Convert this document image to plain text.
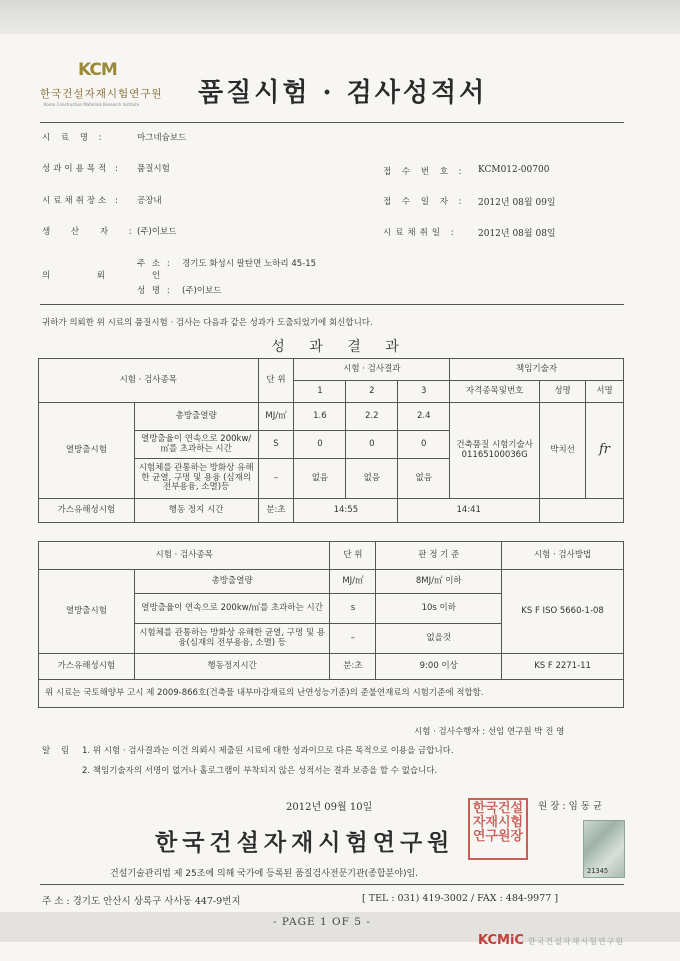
KCM
한국건설자재시험연구원
Korea Construction Materials Research Institute 품질시험 · 검사성적서
시 료 명 :	마그네슘보드
성과이용목적 : 품질시험
시료채취장소 : 공장내
생 산 자 :
(주)이보드
접 수 번 호 : KCM012-00700
접 수 일 자 : 2012년 08월 09일
시료채취일 : 2012년 08월 08일
의 뢰 인
주 소 : 경기도 화성시 팔탄면 노하리 45-15
성 명 : (주)이보드
귀하가 의뢰한 위 시료의 품질시험 · 검사는 다음과 같은 성과가 도출되었기에 회신합니다.
성 과 결 과
시험 · 검사종목		단 위	시험 · 검사결과			책임기술자		
			1	2	3	자격종목및번호	성명	서명
열방출시험	총방출열량	MJ/㎡	1.6	2.2	2.4	건축품질 시험기술사 01165100036G	박치선	fr
	열방출율이 연속으로 200kw/㎡를 초과하는 시간	S	0	0	0			
	시험체를 관통하는 방화상 유해한 균열, 구멍 및 용융 (심재의 전부용융, 소멸)등	–	없음	없음	없음			
가스유해성시험	행동 정지 시간	분:초	14:55		14:41			
시험 · 검사종목		단 위	판 정 기 준	시험 · 검사방법
열방출시험	총방출열량	MJ/㎡	8MJ/㎡ 이하	KS F ISO 5660-1-08
	열방출율이 연속으로 200kw/㎡를 초과하는 시간	s	10s 이하	
	시험체를 관통하는 방화상 유해한 균열, 구멍 및 용융(심재의 전부용융, 소멸) 등	–	없을것	
가스유해성시험	행동정지시간	분:초	9:00 이상	KS F 2271-11
위 시료는 국토해양부 고시 제 2009-866호(건축물 내부마감재료의 난연성능기준)의 준불연재료의 시험기준에 적합함.				
시험 · 검사수행자 : 선임 연구원 박 진 영
알 림 1. 위 시험 · 검사결과는 이건 의뢰시 제출된 시료에 대한 성과이므로 다른 목적으로 이용을 금합니다.
2. 책임기술자의 서명이 없거나 홀로그램이 부착되지 않은 성적서는 결과 보증을 할 수 없습니다.
2012년 09월 10일	원 장 : 임 동 균
한국건설자재시험연구원
한국건설자재시험연구원장
21345
건설기술관리법 제 25조에 의해 국가에 등록된 품질검사전문기관(종합분야)임.
주 소 : 경기도 안산시 상록구 사사동 447-9번지	[ TEL : 031) 419-3002 / FAX : 484-9977 ]
- PAGE 1 OF 5 -
KCMiC 한국건설자재시험연구원
